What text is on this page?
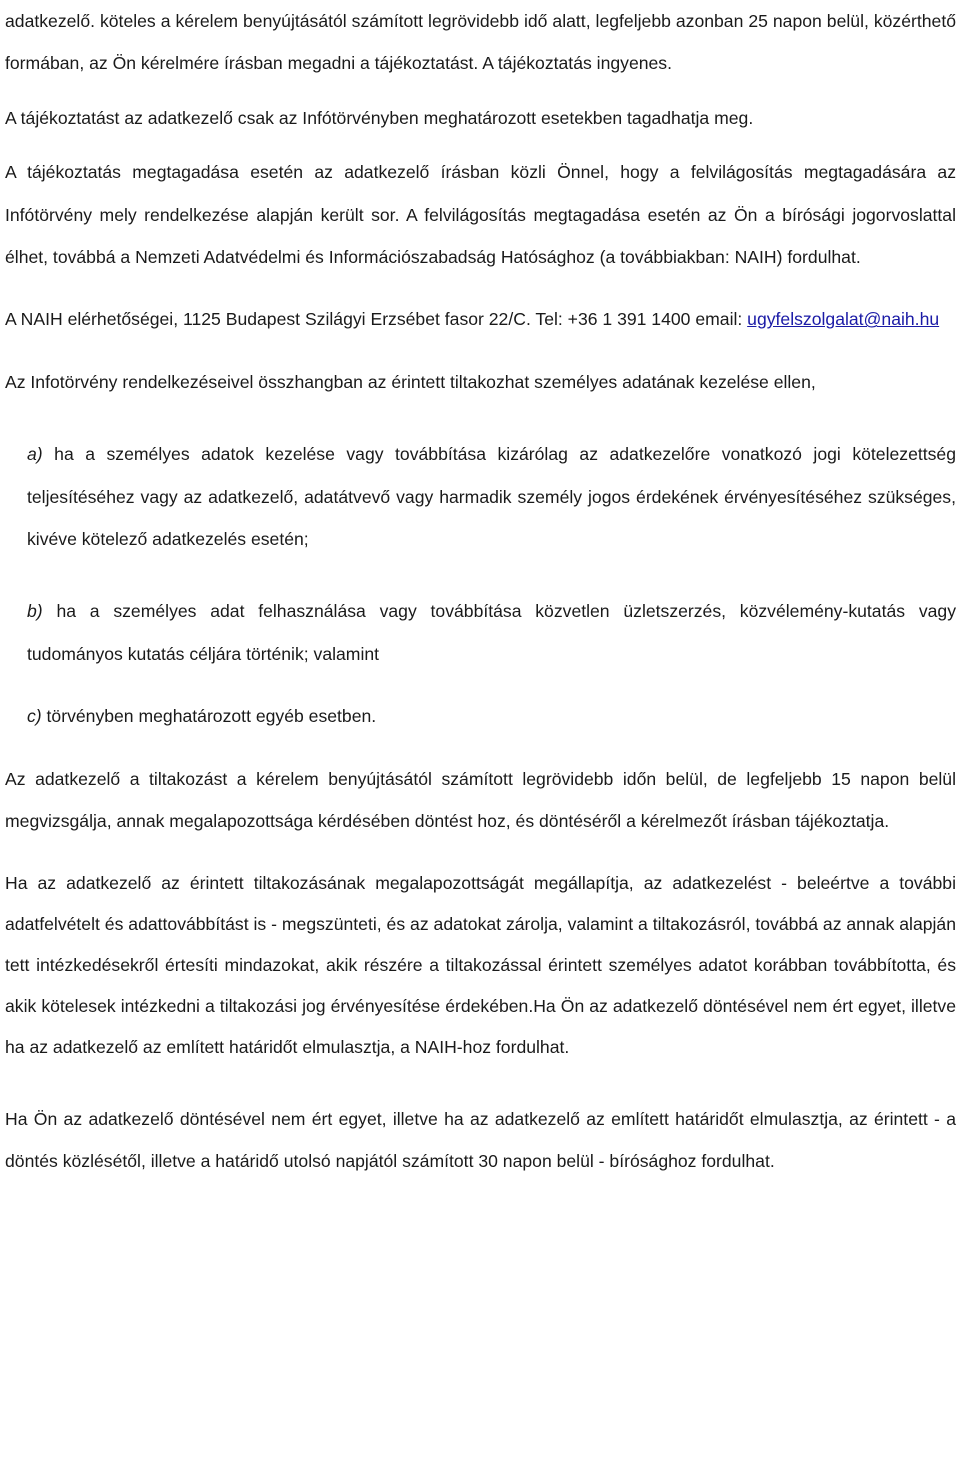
adatkezelő. köteles a kérelem benyújtásától számított legrövidebb idő alatt, legfeljebb azonban 25 napon belül, közérthető formában, az Ön kérelmére írásban megadni a tájékoztatást. A tájékoztatás ingyenes.

A tájékoztatást az adatkezelő csak az Infótörvényben meghatározott esetekben tagadhatja meg.

A tájékoztatás megtagadása esetén az adatkezelő írásban közli Önnel, hogy a felvilágosítás megtagadására az Infótörvény mely rendelkezése alapján került sor. A felvilágosítás megtagadása esetén az Ön a bírósági jogorvoslattal élhet, továbbá a Nemzeti Adatvédelmi és Információszabadság Hatósághoz (a továbbiakban: NAIH) fordulhat.

A NAIH elérhetőségei, 1125 Budapest Szilágyi Erzsébet fasor 22/C. Tel: +36 1 391 1400 email: ugyfelszolgalat@naih.hu

Az Infotörvény rendelkezéseivel összhangban az érintett tiltakozhat személyes adatának kezelése ellen,

a) ha a személyes adatok kezelése vagy továbbítása kizárólag az adatkezelőre vonatkozó jogi kötelezettség teljesítéséhez vagy az adatkezelő, adatátvevő vagy harmadik személy jogos érdekének érvényesítéséhez szükséges, kivéve kötelező adatkezelés esetén;

b) ha a személyes adat felhasználása vagy továbbítása közvetlen üzletszerzés, közvélemény-kutatás vagy tudományos kutatás céljára történik; valamint

c) törvényben meghatározott egyéb esetben.

Az adatkezelő a tiltakozást a kérelem benyújtásától számított legrövidebb időn belül, de legfeljebb 15 napon belül megvizsgálja, annak megalapozottsága kérdésében döntést hoz, és döntéséről a kérelmezőt írásban tájékoztatja.

Ha az adatkezelő az érintett tiltakozásának megalapozottságát megállapítja, az adatkezelést - beleértve a további adatfelvételt és adattovábbítást is - megszünteti, és az adatokat zárolja, valamint a tiltakozásról, továbbá az annak alapján tett intézkedésekről értesíti mindazokat, akik részére a tiltakozással érintett személyes adatot korábban továbbította, és akik kötelesek intézkedni a tiltakozási jog érvényesítése érdekében.Ha Ön az adatkezelő döntésével nem ért egyet, illetve ha az adatkezelő az említett határidőt elmulasztja, a NAIH-hoz fordulhat.

Ha Ön az adatkezelő döntésével nem ért egyet, illetve ha az adatkezelő az említett határidőt elmulasztja, az érintett - a döntés közlésétől, illetve a határidő utolsó napjától számított 30 napon belül - bírósághoz fordulhat.
